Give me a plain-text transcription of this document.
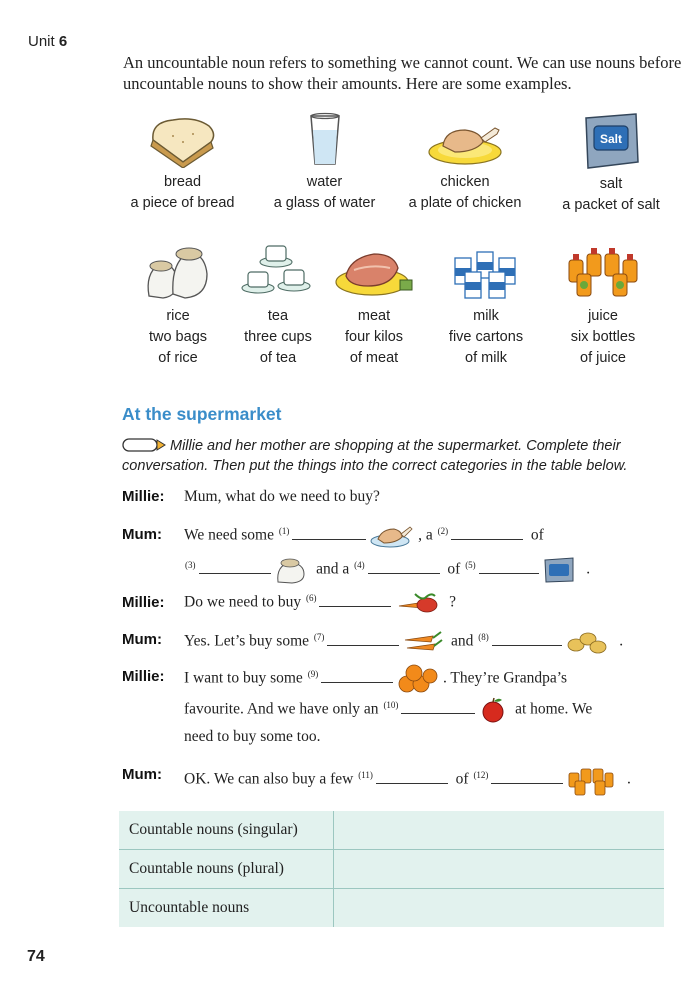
Unit 6
An uncountable noun refers to something we cannot count. We can use nouns before uncountable nouns to show their amounts. Here are some examples.
bread
a piece of bread
water
a glass of water
chicken
a plate of chicken
Salt
salt
a packet of salt
rice
two bags
of rice
tea
three cups
of tea
meat
four kilos
of meat
milk
five cartons
of milk
juice
six bottles
of juice
At the supermarket
Millie and her mother are shopping at the supermarket. Complete their conversation. Then put the things into the correct categories in the table below.
Millie: Mum, what do we need to buy?
Mum: We need some $^{(1)}$	, a $^{(2)}$	of
$^{(3)}$	and a $^{(4)}$	of $^{(5)}$	.
Millie: Do we need to buy $^{(6)}$	?
Mum: Yes. Let’s buy some $^{(7)}$	and $^{(8)}$	.
Millie: I want to buy some $^{(9)}$	. They’re Grandpa’s
favourite. And we have only an $^{(10)}$	at home. We
need to buy some too.
Mum: OK. We can also buy a few $^{(11)}$	of $^{(12)}$	.
Countable nouns (singular)
Countable nouns (plural)
Uncountable nouns
74
